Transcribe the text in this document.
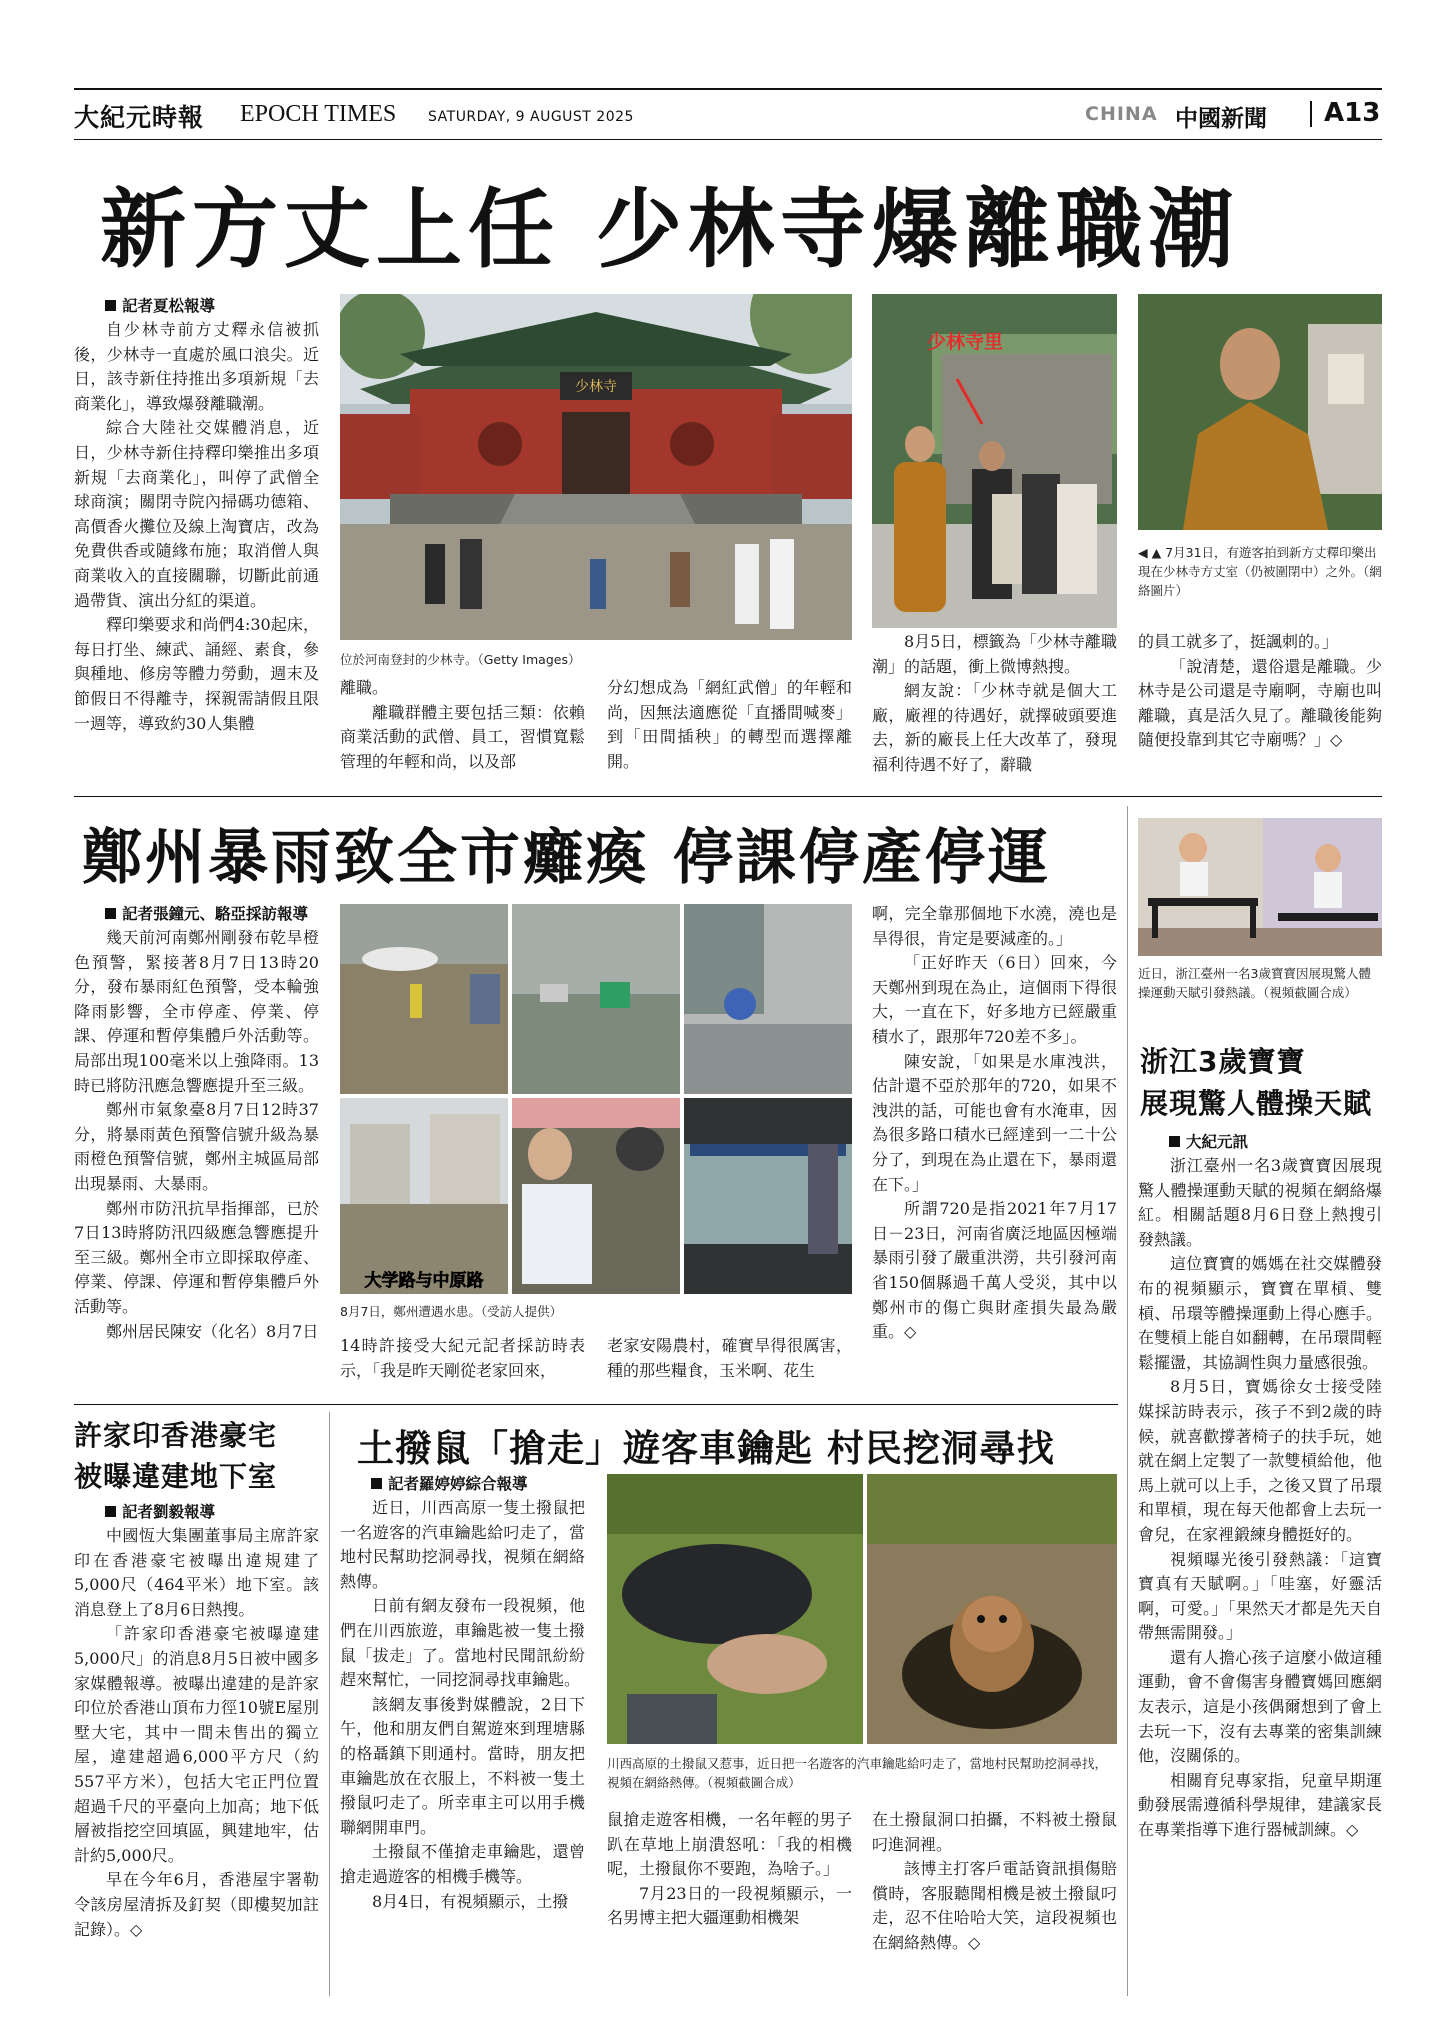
大紀元時報 EPOCH TIMES SATURDAY, 9 AUGUST 2025	CHINA 中國新聞 A13
新方丈上任 少林寺爆離職潮

記者夏松報導

自少林寺前方丈釋永信被抓後，少林寺一直處於風口浪尖。近日，該寺新住持推出多項新規「去商業化」，導致爆發離職潮。

綜合大陸社交媒體消息，近日，少林寺新住持釋印樂推出多項新規「去商業化」，叫停了武僧全球商演；關閉寺院內掃碼功德箱、高價香火攤位及線上淘寶店，改為免費供香或隨緣布施；取消僧人與商業收入的直接關聯，切斷此前通過帶貨、演出分紅的渠道。

釋印樂要求和尚們4:30起床，每日打坐、練武、誦經、素食，參與種地、修房等體力勞動，週末及節假日不得離寺，探親需請假且限一週等，導致約30人集體

少林寺
位於河南登封的少林寺。（Getty Images）

離職。

離職群體主要包括三類：依賴商業活動的武僧、員工，習慣寬鬆管理的年輕和尚，以及部

分幻想成為「網紅武僧」的年輕和尚，因無法適應從「直播間喊麥」到「田間插秧」的轉型而選擇離開。

少林寺里
◀ ▲ 7月31日，有遊客拍到新方丈釋印樂出現在少林寺方丈室（仍被圍閉中）之外。（網絡圖片）

8月5日，標籤為「少林寺離職潮」的話題，衝上微博熱搜。

網友說：「少林寺就是個大工廠，廠裡的待遇好，就擇破頭要進去，新的廠長上任大改革了，發現福利待遇不好了，辭職

的員工就多了，挺諷刺的。」

「說清楚，還俗還是離職。少林寺是公司還是寺廟啊，寺廟也叫離職，真是活久見了。離職後能夠隨便投靠到其它寺廟嗎？」◇

鄭州暴雨致全市癱瘓 停課停產停運

記者張鐘元、駱亞採訪報導

幾天前河南鄭州剛發布乾旱橙色預警，緊接著8月7日13時20分，發布暴雨紅色預警，受本輪強降雨影響，全市停產、停業、停課、停運和暫停集體戶外活動等。局部出現100毫米以上強降雨。13時已將防汛應急響應提升至三級。

鄭州市氣象臺8月7日12時37分，將暴雨黃色預警信號升級為暴雨橙色預警信號，鄭州主城區局部出現暴雨、大暴雨。

鄭州市防汛抗旱指揮部，已於7日13時將防汛四級應急響應提升至三級。鄭州全市立即採取停產、停業、停課、停運和暫停集體戶外活動等。

鄭州居民陳安（化名）8月7日

大学路与中原路
8月7日，鄭州遭遇水患。（受訪人提供）

14時許接受大紀元記者採訪時表示，「我是昨天剛從老家回來，

老家安陽農村，確實旱得很厲害，種的那些糧食，玉米啊、花生

啊，完全靠那個地下水澆，澆也是旱得很，肯定是要減產的。」

「正好昨天（6日）回來，今天鄭州到現在為止，這個雨下得很大，一直在下，好多地方已經嚴重積水了，跟那年720差不多」。

陳安說，「如果是水庫洩洪，估計還不亞於那年的720，如果不洩洪的話，可能也會有水淹車，因為很多路口積水已經達到一二十公分了，到現在為止還在下，暴雨還在下。」

所謂720是指2021年7月17日－23日，河南省廣泛地區因極端暴雨引發了嚴重洪澇，共引發河南省150個縣過千萬人受災，其中以鄭州市的傷亡與財產損失最為嚴重。◇

近日，浙江臺州一名3歲寶寶因展現驚人體操運動天賦引發熱議。（視頻截圖合成）
浙江3歲寶寶
展現驚人體操天賦

大紀元訊

浙江臺州一名3歲寶寶因展現驚人體操運動天賦的視頻在網絡爆紅。相關話題8月6日登上熱搜引發熱議。

這位寶寶的媽媽在社交媒體發布的視頻顯示，寶寶在單槓、雙槓、吊環等體操運動上得心應手。在雙槓上能自如翻轉，在吊環間輕鬆擺盪，其協調性與力量感很強。

8月5日，寶媽徐女士接受陸媒採訪時表示，孩子不到2歲的時候，就喜歡撐著椅子的扶手玩，她就在網上定製了一款雙槓給他，他馬上就可以上手，之後又買了吊環和單槓，現在每天他都會上去玩一會兒，在家裡鍛練身體挺好的。

視頻曝光後引發熱議：「這寶寶真有天賦啊。」「哇塞，好靈活啊，可愛。」「果然天才都是先天自帶無需開發。」

還有人擔心孩子這麼小做這種運動，會不會傷害身體寶媽回應網友表示，這是小孩偶爾想到了會上去玩一下，沒有去專業的密集訓練他，沒關係的。

相關育兒專家指，兒童早期運動發展需遵循科學規律，建議家長在專業指導下進行器械訓練。◇

許家印香港豪宅
被曝違建地下室

記者劉毅報導

中國恆大集團董事局主席許家印在香港豪宅被曝出違規建了5,000尺（464平米）地下室。該消息登上了8月6日熱搜。

「許家印香港豪宅被曝違建5,000尺」的消息8月5日被中國多家媒體報導。被曝出違建的是許家印位於香港山頂布力徑10號E屋別墅大宅，其中一間未售出的獨立屋，違建超過6,000平方尺（約557平方米），包括大宅正門位置超過千尺的平臺向上加高；地下低層被指挖空回填區，興建地牢，估計約5,000尺。

早在今年6月，香港屋宇署勒令該房屋清拆及釘契（即樓契加註記錄）。◇

土撥鼠「搶走」遊客車鑰匙 村民挖洞尋找

記者羅婷婷綜合報導

近日，川西高原一隻土撥鼠把一名遊客的汽車鑰匙給叼走了，當地村民幫助挖洞尋找，視頻在網絡熱傳。

日前有網友發布一段視頻，他們在川西旅遊，車鑰匙被一隻土撥鼠「拔走」了。當地村民聞訊紛紛趕來幫忙，一同挖洞尋找車鑰匙。

該網友事後對媒體說，2日下午，他和朋友們自駕遊來到理塘縣的格聶鎮下則通村。當時，朋友把車鑰匙放在衣服上，不料被一隻土撥鼠叼走了。所幸車主可以用手機聯網開車門。

土撥鼠不僅搶走車鑰匙，還曾搶走過遊客的相機手機等。

8月4日，有視頻顯示，土撥

川西高原的土撥鼠又惹事，近日把一名遊客的汽車鑰匙給叼走了，當地村民幫助挖洞尋找，視頻在網絡熱傳。（視頻截圖合成）

鼠搶走遊客相機，一名年輕的男子趴在草地上崩潰怒吼：「我的相機呢，土撥鼠你不要跑，為啥子。」

7月23日的一段視頻顯示，一名男博主把大疆運動相機架

在土撥鼠洞口拍攝，不料被土撥鼠叼進洞裡。

該博主打客戶電話資訊損傷賠償時，客服聽聞相機是被土撥鼠叼走，忍不住哈哈大笑，這段視頻也在網絡熱傳。◇
